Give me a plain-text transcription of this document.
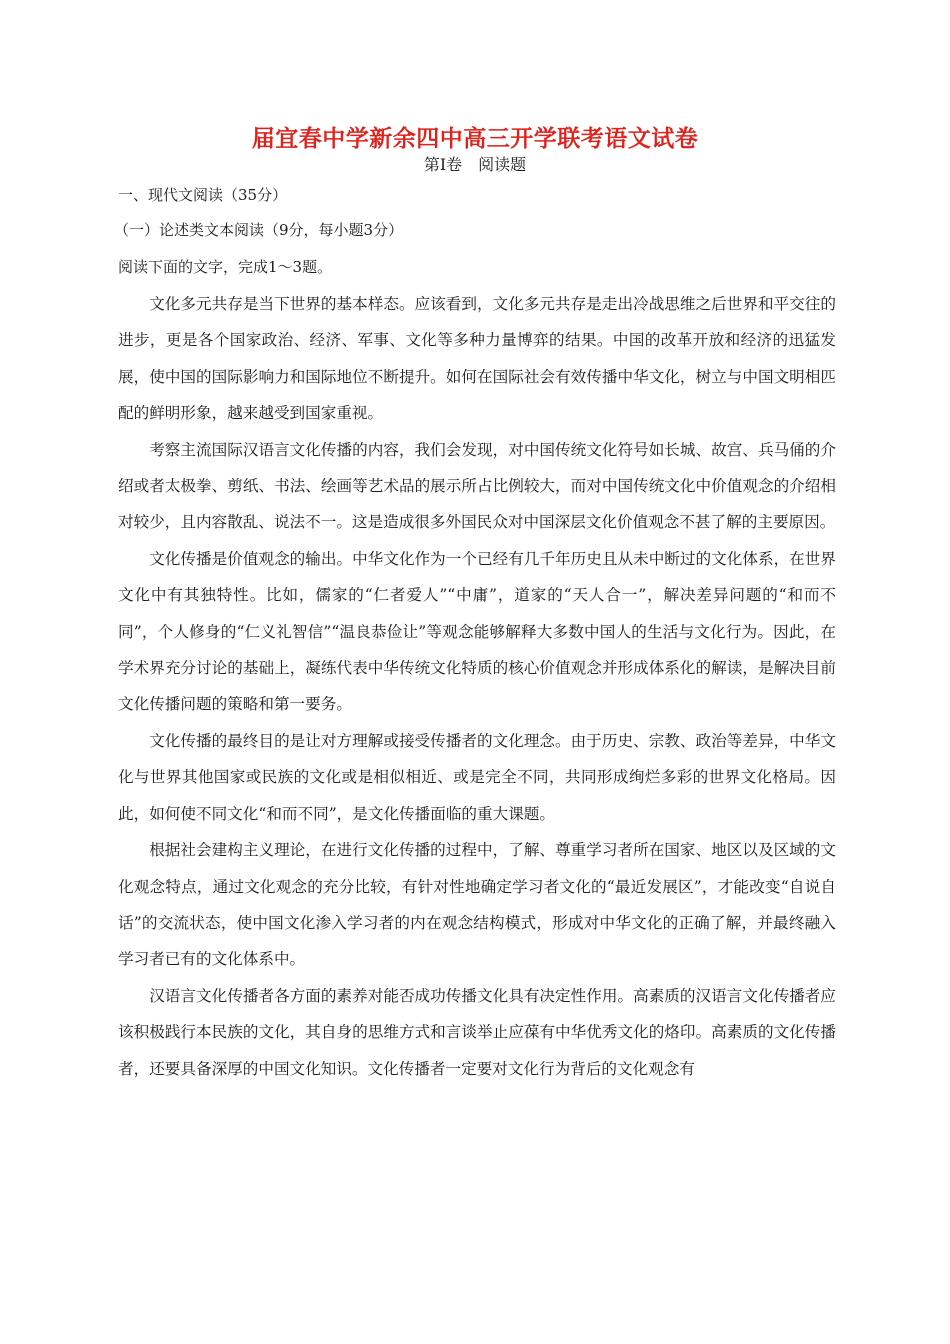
届宜春中学新余四中高三开学联考语文试卷
第Ⅰ卷　阅读题
一、现代文阅读（35分）
（一）论述类文本阅读（9分，每小题3分）
阅读下面的文字，完成1～3题。

文化多元共存是当下世界的基本样态。应该看到，文化多元共存是走出冷战思维之后世界和平交往的进步，更是各个国家政治、经济、军事、文化等多种力量博弈的结果。中国的改革开放和经济的迅猛发展，使中国的国际影响力和国际地位不断提升。如何在国际社会有效传播中华文化，树立与中国文明相匹配的鲜明形象，越来越受到国家重视。

考察主流国际汉语言文化传播的内容，我们会发现，对中国传统文化符号如长城、故宫、兵马俑的介绍或者太极拳、剪纸、书法、绘画等艺术品的展示所占比例较大，而对中国传统文化中价值观念的介绍相对较少，且内容散乱、说法不一。这是造成很多外国民众对中国深层文化价值观念不甚了解的主要原因。

文化传播是价值观念的输出。中华文化作为一个已经有几千年历史且从未中断过的文化体系，在世界文化中有其独特性。比如，儒家的“仁者爱人”“中庸”，道家的“天人合一”，解决差异问题的“和而不同”，个人修身的“仁义礼智信”“温良恭俭让”等观念能够解释大多数中国人的生活与文化行为。因此，在学术界充分讨论的基础上，凝练代表中华传统文化特质的核心价值观念并形成体系化的解读，是解决目前文化传播问题的策略和第一要务。

文化传播的最终目的是让对方理解或接受传播者的文化理念。由于历史、宗教、政治等差异，中华文化与世界其他国家或民族的文化或是相似相近、或是完全不同，共同形成绚烂多彩的世界文化格局。因此，如何使不同文化“和而不同”，是文化传播面临的重大课题。

根据社会建构主义理论，在进行文化传播的过程中，了解、尊重学习者所在国家、地区以及区域的文化观念特点，通过文化观念的充分比较，有针对性地确定学习者文化的“最近发展区”，才能改变“自说自话”的交流状态，使中国文化渗入学习者的内在观念结构模式，形成对中华文化的正确了解，并最终融入学习者已有的文化体系中。

汉语言文化传播者各方面的素养对能否成功传播文化具有决定性作用。高素质的汉语言文化传播者应该积极践行本民族的文化，其自身的思维方式和言谈举止应葆有中华优秀文化的烙印。高素质的文化传播者，还要具备深厚的中国文化知识。文化传播者一定要对文化行为背后的文化观念有
